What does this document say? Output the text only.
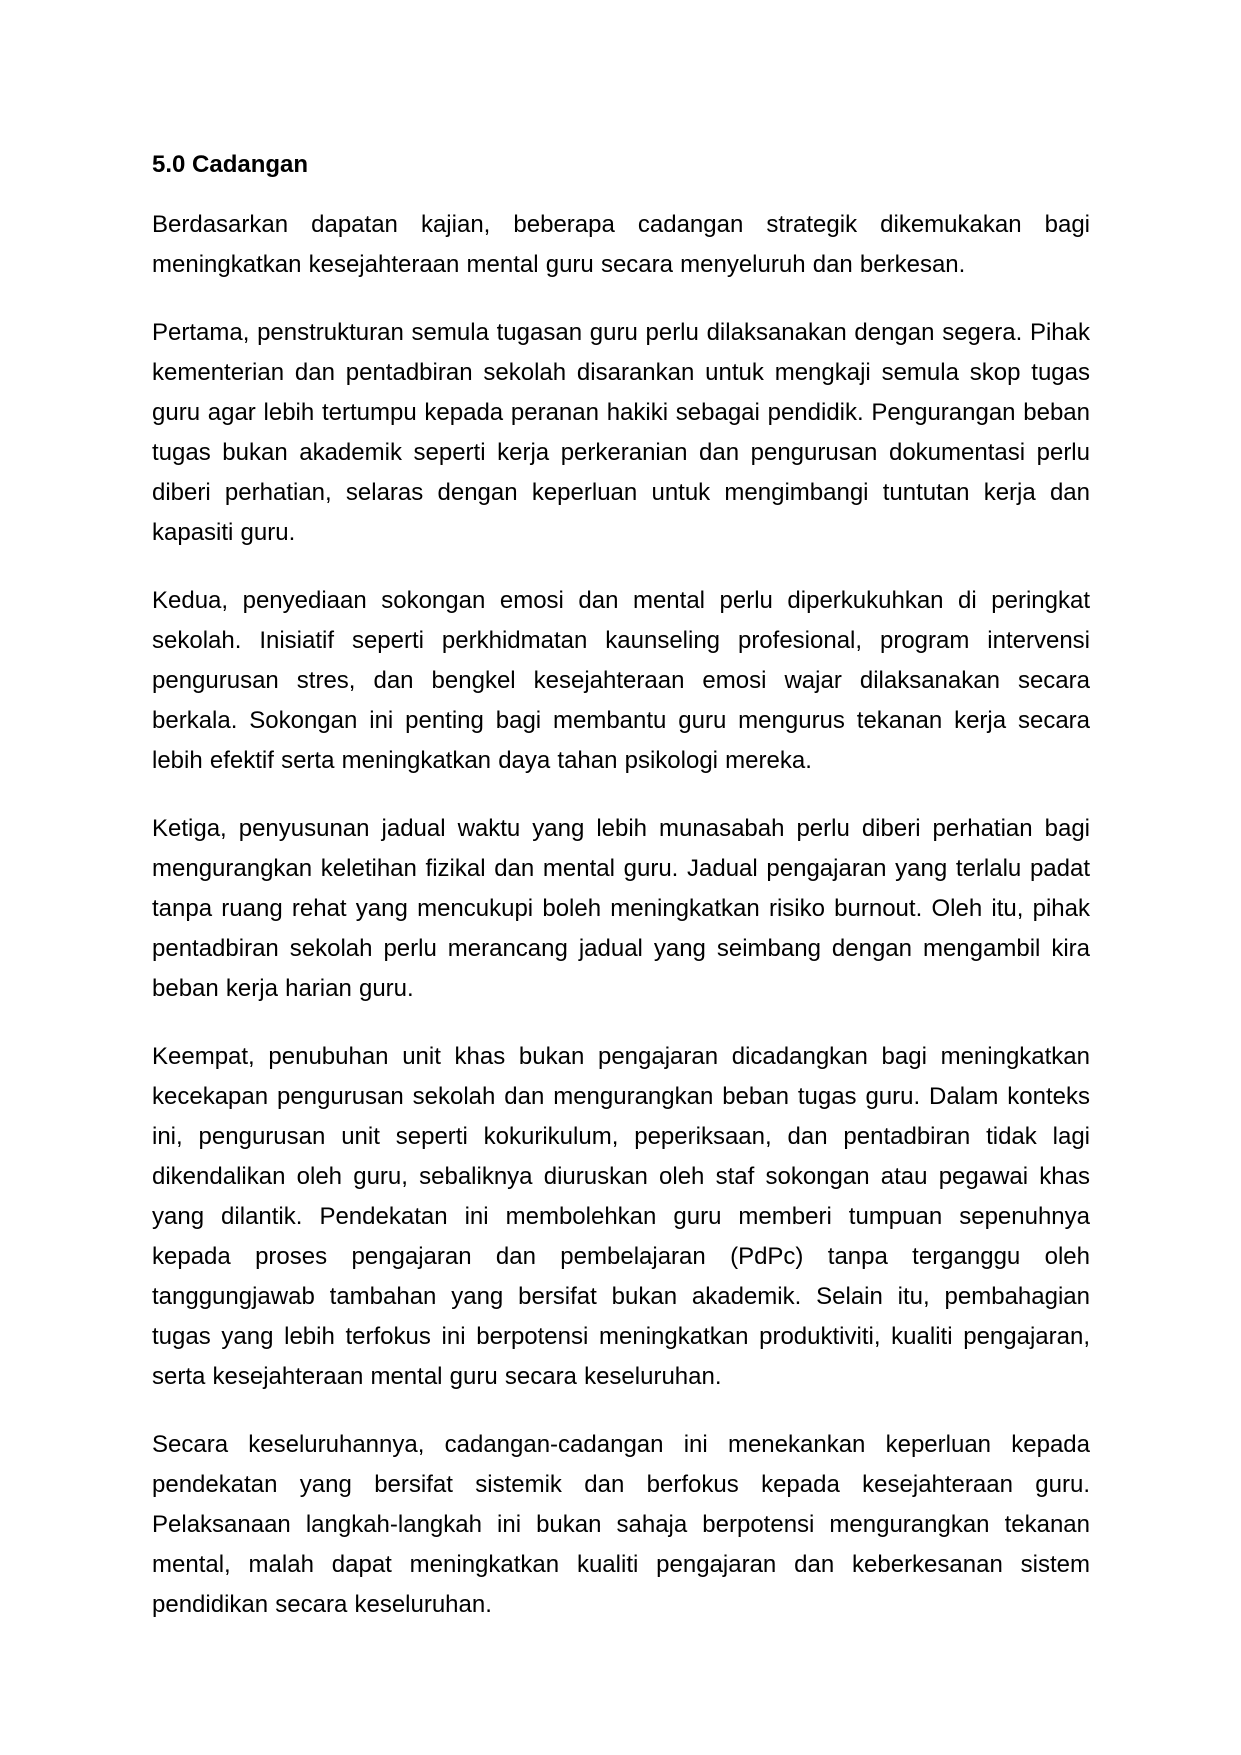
5.0 Cadangan

Berdasarkan dapatan kajian, beberapa cadangan strategik dikemukakan bagi meningkatkan kesejahteraan mental guru secara menyeluruh dan berkesan.

Pertama, penstrukturan semula tugasan guru perlu dilaksanakan dengan segera. Pihak kementerian dan pentadbiran sekolah disarankan untuk mengkaji semula skop tugas guru agar lebih tertumpu kepada peranan hakiki sebagai pendidik. Pengurangan beban tugas bukan akademik seperti kerja perkeranian dan pengurusan dokumentasi perlu diberi perhatian, selaras dengan keperluan untuk mengimbangi tuntutan kerja dan kapasiti guru.

Kedua, penyediaan sokongan emosi dan mental perlu diperkukuhkan di peringkat sekolah. Inisiatif seperti perkhidmatan kaunseling profesional, program intervensi pengurusan stres, dan bengkel kesejahteraan emosi wajar dilaksanakan secara berkala. Sokongan ini penting bagi membantu guru mengurus tekanan kerja secara lebih efektif serta meningkatkan daya tahan psikologi mereka.

Ketiga, penyusunan jadual waktu yang lebih munasabah perlu diberi perhatian bagi mengurangkan keletihan fizikal dan mental guru. Jadual pengajaran yang terlalu padat tanpa ruang rehat yang mencukupi boleh meningkatkan risiko burnout. Oleh itu, pihak pentadbiran sekolah perlu merancang jadual yang seimbang dengan mengambil kira beban kerja harian guru.

Keempat, penubuhan unit khas bukan pengajaran dicadangkan bagi meningkatkan kecekapan pengurusan sekolah dan mengurangkan beban tugas guru. Dalam konteks ini, pengurusan unit seperti kokurikulum, peperiksaan, dan pentadbiran tidak lagi dikendalikan oleh guru, sebaliknya diuruskan oleh staf sokongan atau pegawai khas yang dilantik. Pendekatan ini membolehkan guru memberi tumpuan sepenuhnya kepada proses pengajaran dan pembelajaran (PdPc) tanpa terganggu oleh tanggungjawab tambahan yang bersifat bukan akademik. Selain itu, pembahagian tugas yang lebih terfokus ini berpotensi meningkatkan produktiviti, kualiti pengajaran, serta kesejahteraan mental guru secara keseluruhan.

Secara keseluruhannya, cadangan-cadangan ini menekankan keperluan kepada pendekatan yang bersifat sistemik dan berfokus kepada kesejahteraan guru. Pelaksanaan langkah-langkah ini bukan sahaja berpotensi mengurangkan tekanan mental, malah dapat meningkatkan kualiti pengajaran dan keberkesanan sistem pendidikan secara keseluruhan.
